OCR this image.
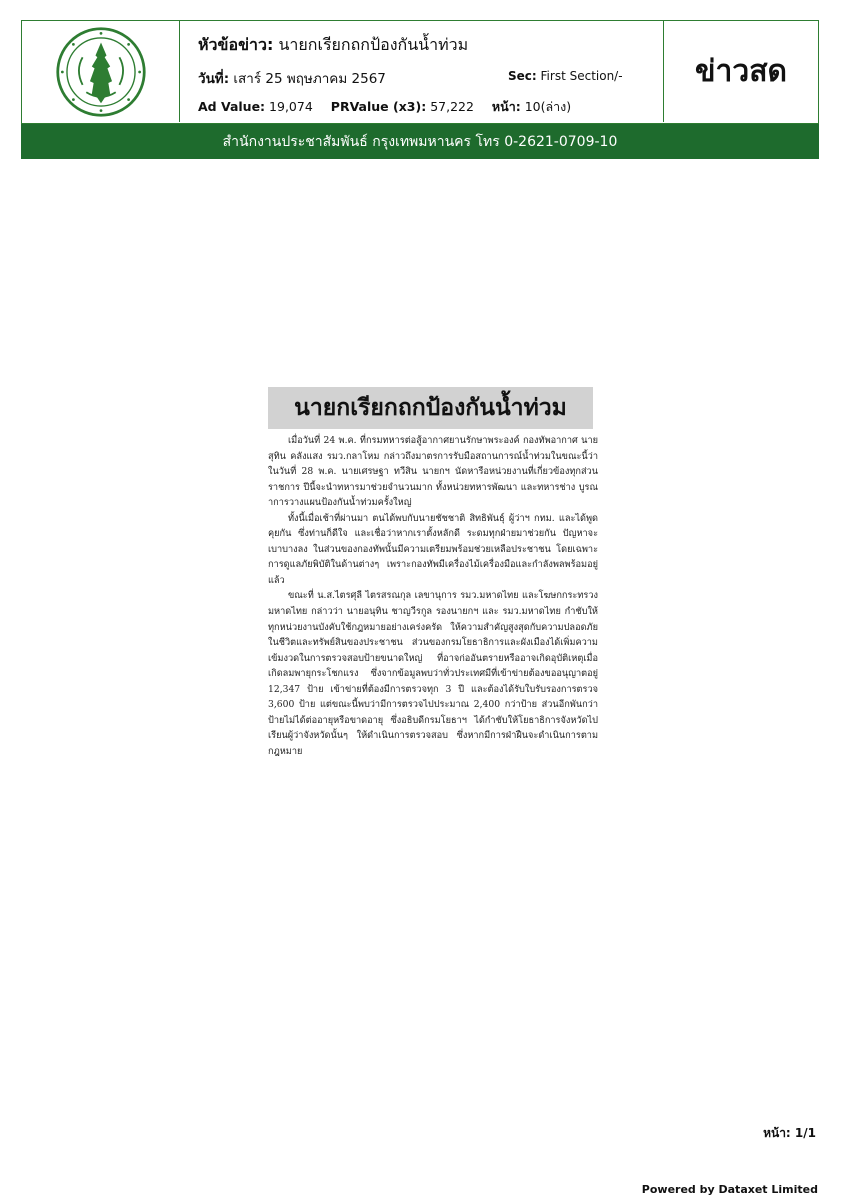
หัวข้อข่าว: นายกเรียกถกป้องกันน้ำท่วม
วันที่: เสาร์ 25 พฤษภาคม 2567	Sec: First Section/-
Ad Value: 19,074 PRValue (x3): 57,222 หน้า: 10(ล่าง)
ข่าวสด
สำนักงานประชาสัมพันธ์ กรุงเทพมหานคร โทร 0-2621-0709-10
นายกเรียกถกป้องกันน้ำท่วม

เมื่อวันที่ 24 พ.ค. ที่กรมทหารต่อสู้อากาศยานรักษาพระองค์ กองทัพอากาศ นายสุทิน คลังแสง รมว.กลาโหม กล่าวถึงมาตรการรับมือสถานการณ์น้ำท่วมในขณะนี้ว่า ในวันที่ 28 พ.ค. นายเศรษฐา ทวีสิน นายกฯ นัดหารือหน่วยงานที่เกี่ยวข้องทุกส่วนราชการ ปีนี้จะนำทหารมาช่วยจำนวนมาก ทั้งหน่วยทหารพัฒนา และทหารช่าง บูรณาการวางแผนป้องกันน้ำท่วมครั้งใหญ่

ทั้งนี้เมื่อเช้าที่ผ่านมา ตนได้พบกับนายชัชชาติ สิทธิพันธุ์ ผู้ว่าฯ กทม. และได้พูดคุยกัน ซึ่งท่านก็ดีใจ และเชื่อว่าหากเราตั้งหลักดี ระดมทุกฝ่ายมาช่วยกัน ปัญหาจะเบาบางลง ในส่วนของกองทัพนั้นมีความเตรียมพร้อมช่วยเหลือประชาชน โดยเฉพาะการดูแลภัยพิบัติในด้านต่างๆ เพราะกองทัพมีเครื่องไม้เครื่องมือและกำลังพลพร้อมอยู่แล้ว

ขณะที่ น.ส.ไตรศุลี ไตรสรณกุล เลขานุการ รมว.มหาดไทย และโฆษกกระทรวงมหาดไทย กล่าวว่า นายอนุทิน ชาญวีรกูล รองนายกฯ และ รมว.มหาดไทย กำชับให้ทุกหน่วยงานบังคับใช้กฎหมายอย่างเคร่งครัด ให้ความสำคัญสูงสุดกับความปลอดภัยในชีวิตและทรัพย์สินของประชาชน ส่วนของกรมโยธาธิการและผังเมืองได้เพิ่มความเข้มงวดในการตรวจสอบป้ายขนาดใหญ่ ที่อาจก่ออันตรายหรืออาจเกิดอุบัติเหตุเมื่อเกิดลมพายุกระโชกแรง ซึ่งจากข้อมูลพบว่าทั่วประเทศมีที่เข้าข่ายต้องขออนุญาตอยู่ 12,347 ป้าย เข้าข่ายที่ต้องมีการตรวจทุก 3 ปี และต้องได้รับใบรับรองการตรวจ 3,600 ป้าย แต่ขณะนี้พบว่ามีการตรวจไปประมาณ 2,400 กว่าป้าย ส่วนอีกพันกว่าป้ายไม่ได้ต่ออายุหรือขาดอายุ ซึ่งอธิบดีกรมโยธาฯ ได้กำชับให้โยธาธิการจังหวัดไปเรียนผู้ว่าจังหวัดนั้นๆ ให้ดำเนินการตรวจสอบ ซึ่งหากมีการฝ่าฝืนจะดำเนินการตามกฎหมาย

หน้า: 1/1
Powered by Dataxet Limited
